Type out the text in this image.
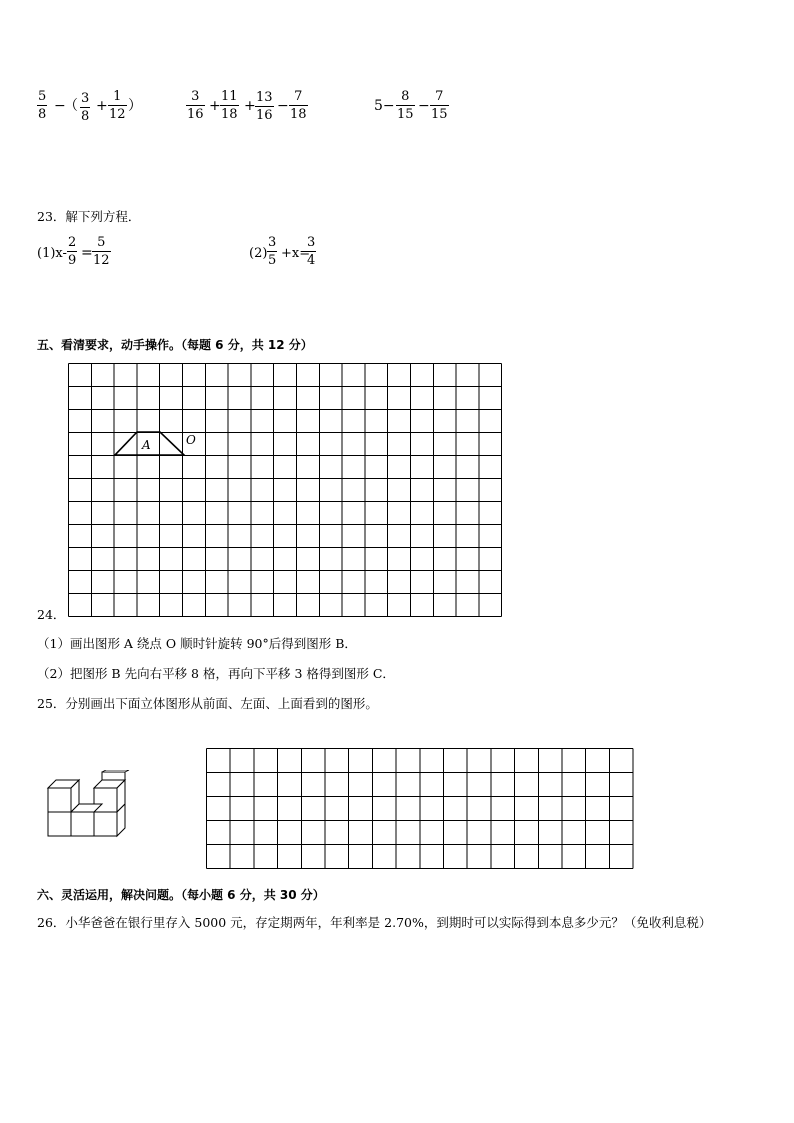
5
8
−
（ 3
8
+
1
12
）
3
16
+
11
18
+
13
16
−
7
18
5−
8
15
−
7
15
23．解下列方程．
(1)x-
2
9 =
5
12	(2)
3
5 +x=
3
4
五、看清要求，动手操作。（每题 6 分，共 12 分）
A	O
24．
（1）画出图形 A 绕点 O 顺时针旋转 90°后得到图形 B．
（2）把图形 B 先向右平移 8 格，再向下平移 3 格得到图形 C．
25．分别画出下面立体图形从前面、左面、上面看到的图形。
六、灵活运用，解决问题。（每小题 6 分，共 30 分）
26．小华爸爸在银行里存入 5000 元，存定期两年，年利率是 2.70%，到期时可以实际得到本息多少元？（免收利息税）
